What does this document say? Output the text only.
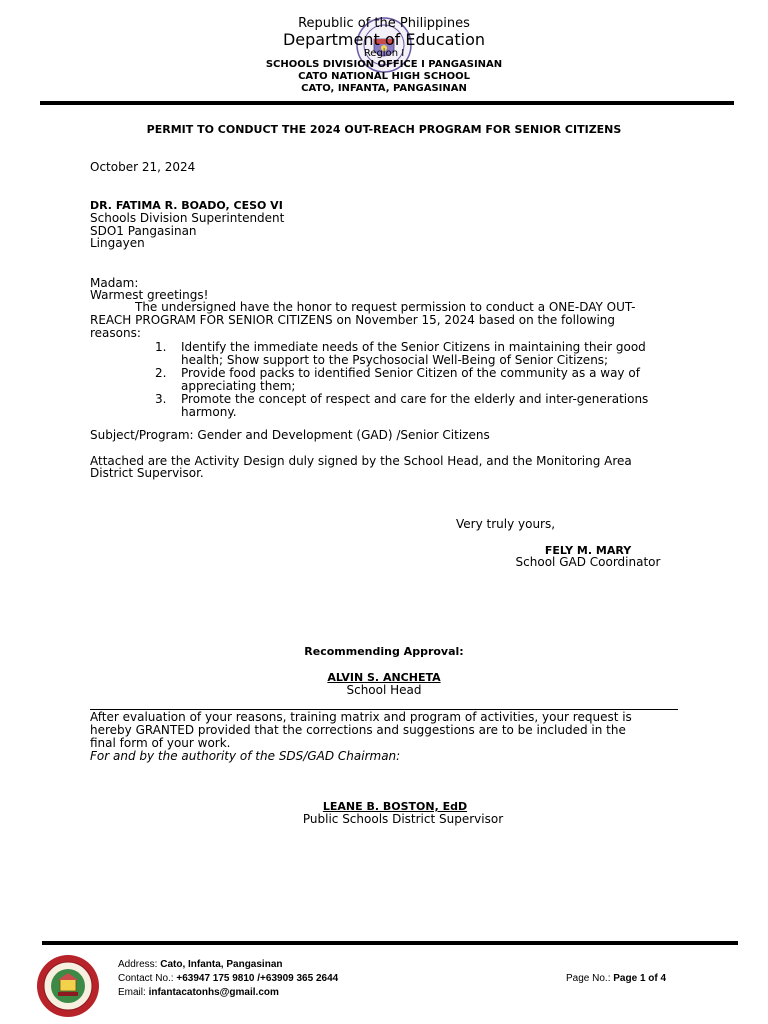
Republic of the Philippines
Department of Education
Region I
SCHOOLS DIVISION OFFICE I PANGASINAN
CATO NATIONAL HIGH SCHOOL
CATO, INFANTA, PANGASINAN
PERMIT TO CONDUCT THE 2024 OUT-REACH PROGRAM FOR SENIOR CITIZENS
October 21, 2024
DR. FATIMA R. BOADO, CESO VI
Schools Division Superintendent
SDO1 Pangasinan
Lingayen
Madam:
Warmest greetings!
The undersigned have the honor to request permission to conduct a ONE-DAY OUT-
REACH PROGRAM FOR SENIOR CITIZENS on November 15, 2024 based on the following
reasons:
1.	Identify the immediate needs of the Senior Citizens in maintaining their good
health; Show support to the Psychosocial Well-Being of Senior Citizens;
2.	Provide food packs to identified Senior Citizen of the community as a way of
appreciating them;
3.	Promote the concept of respect and care for the elderly and inter-generations
harmony.
Subject/Program: Gender and Development (GAD) /Senior Citizens
Attached are the Activity Design duly signed by the School Head, and the Monitoring Area
District Supervisor.
Very truly yours,
FELY M. MARY
School GAD Coordinator
Recommending Approval:
ALVIN S. ANCHETA
School Head
After evaluation of your reasons, training matrix and program of activities, your request is
hereby GRANTED provided that the corrections and suggestions are to be included in the
final form of your work.
For and by the authority of the SDS/GAD Chairman:
LEANE B. BOSTON, EdD
Public Schools District Supervisor
Address: Cato, Infanta, Pangasinan
Contact No.: +63947 175 9810 /+63909 365 2644
Email: infantacatonhs@gmail.com
Page No.: Page 1 of 4
